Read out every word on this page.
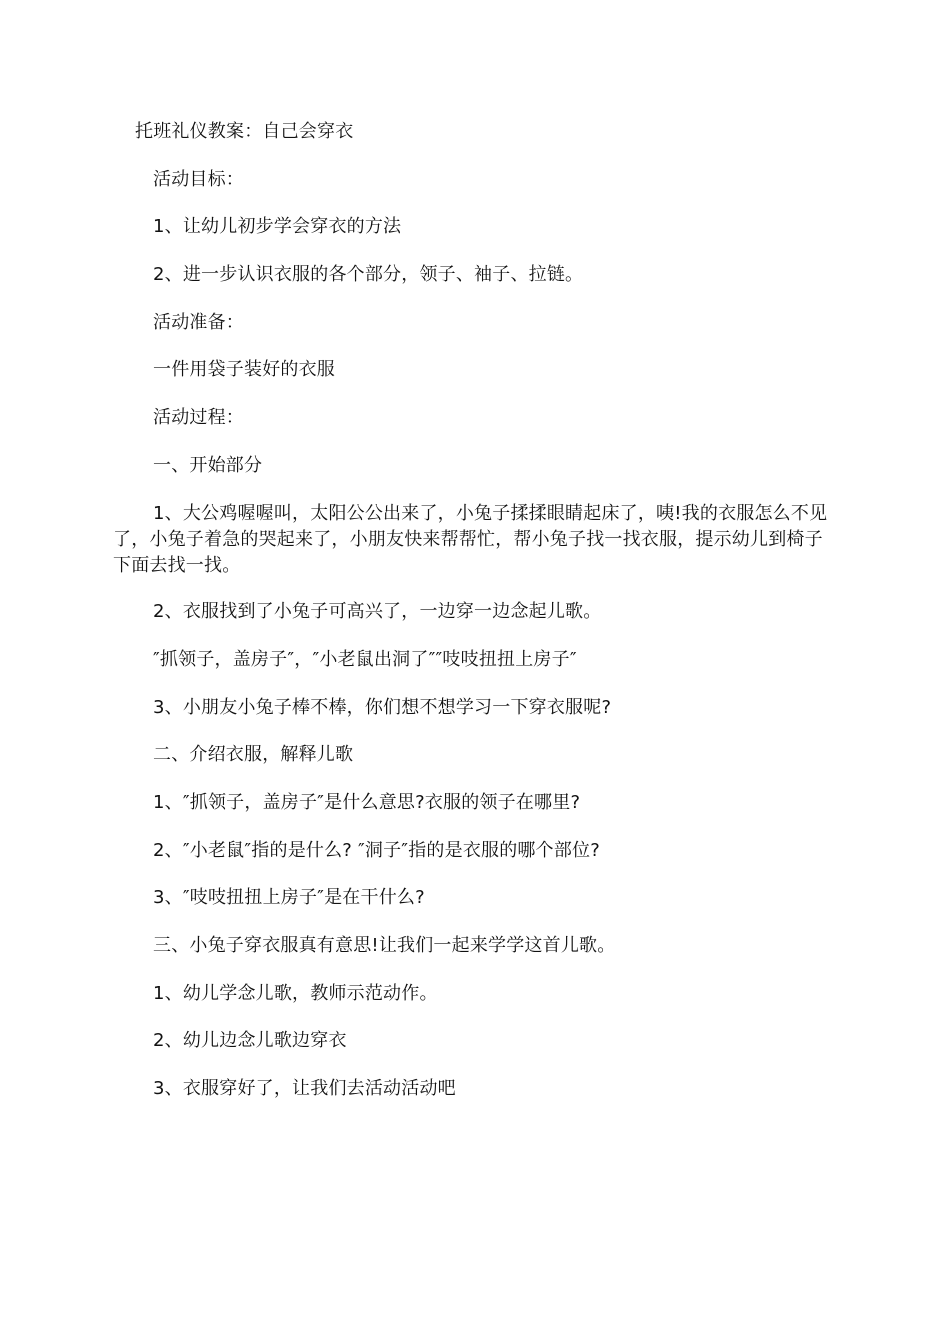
托班礼仪教案：自己会穿衣
活动目标：
1、让幼儿初步学会穿衣的方法
2、进一步认识衣服的各个部分，领子、袖子、拉链。
活动准备：
一件用袋子装好的衣服
活动过程：
一、开始部分
1、大公鸡喔喔叫，太阳公公出来了，小兔子揉揉眼睛起床了，咦!我的衣服怎么不见了，小兔子着急的哭起来了，小朋友快来帮帮忙，帮小兔子找一找衣服，提示幼儿到椅子下面去找一找。
2、衣服找到了小兔子可高兴了，一边穿一边念起儿歌。
″抓领子，盖房子″，″小老鼠出洞了″″吱吱扭扭上房子″
3、小朋友小兔子棒不棒，你们想不想学习一下穿衣服呢?
二、介绍衣服，解释儿歌
1、″抓领子，盖房子″是什么意思?衣服的领子在哪里?
2、″小老鼠″指的是什么? ″洞子″指的是衣服的哪个部位?
3、″吱吱扭扭上房子″是在干什么?
三、小兔子穿衣服真有意思!让我们一起来学学这首儿歌。
1、幼儿学念儿歌，教师示范动作。
2、幼儿边念儿歌边穿衣
3、衣服穿好了，让我们去活动活动吧
